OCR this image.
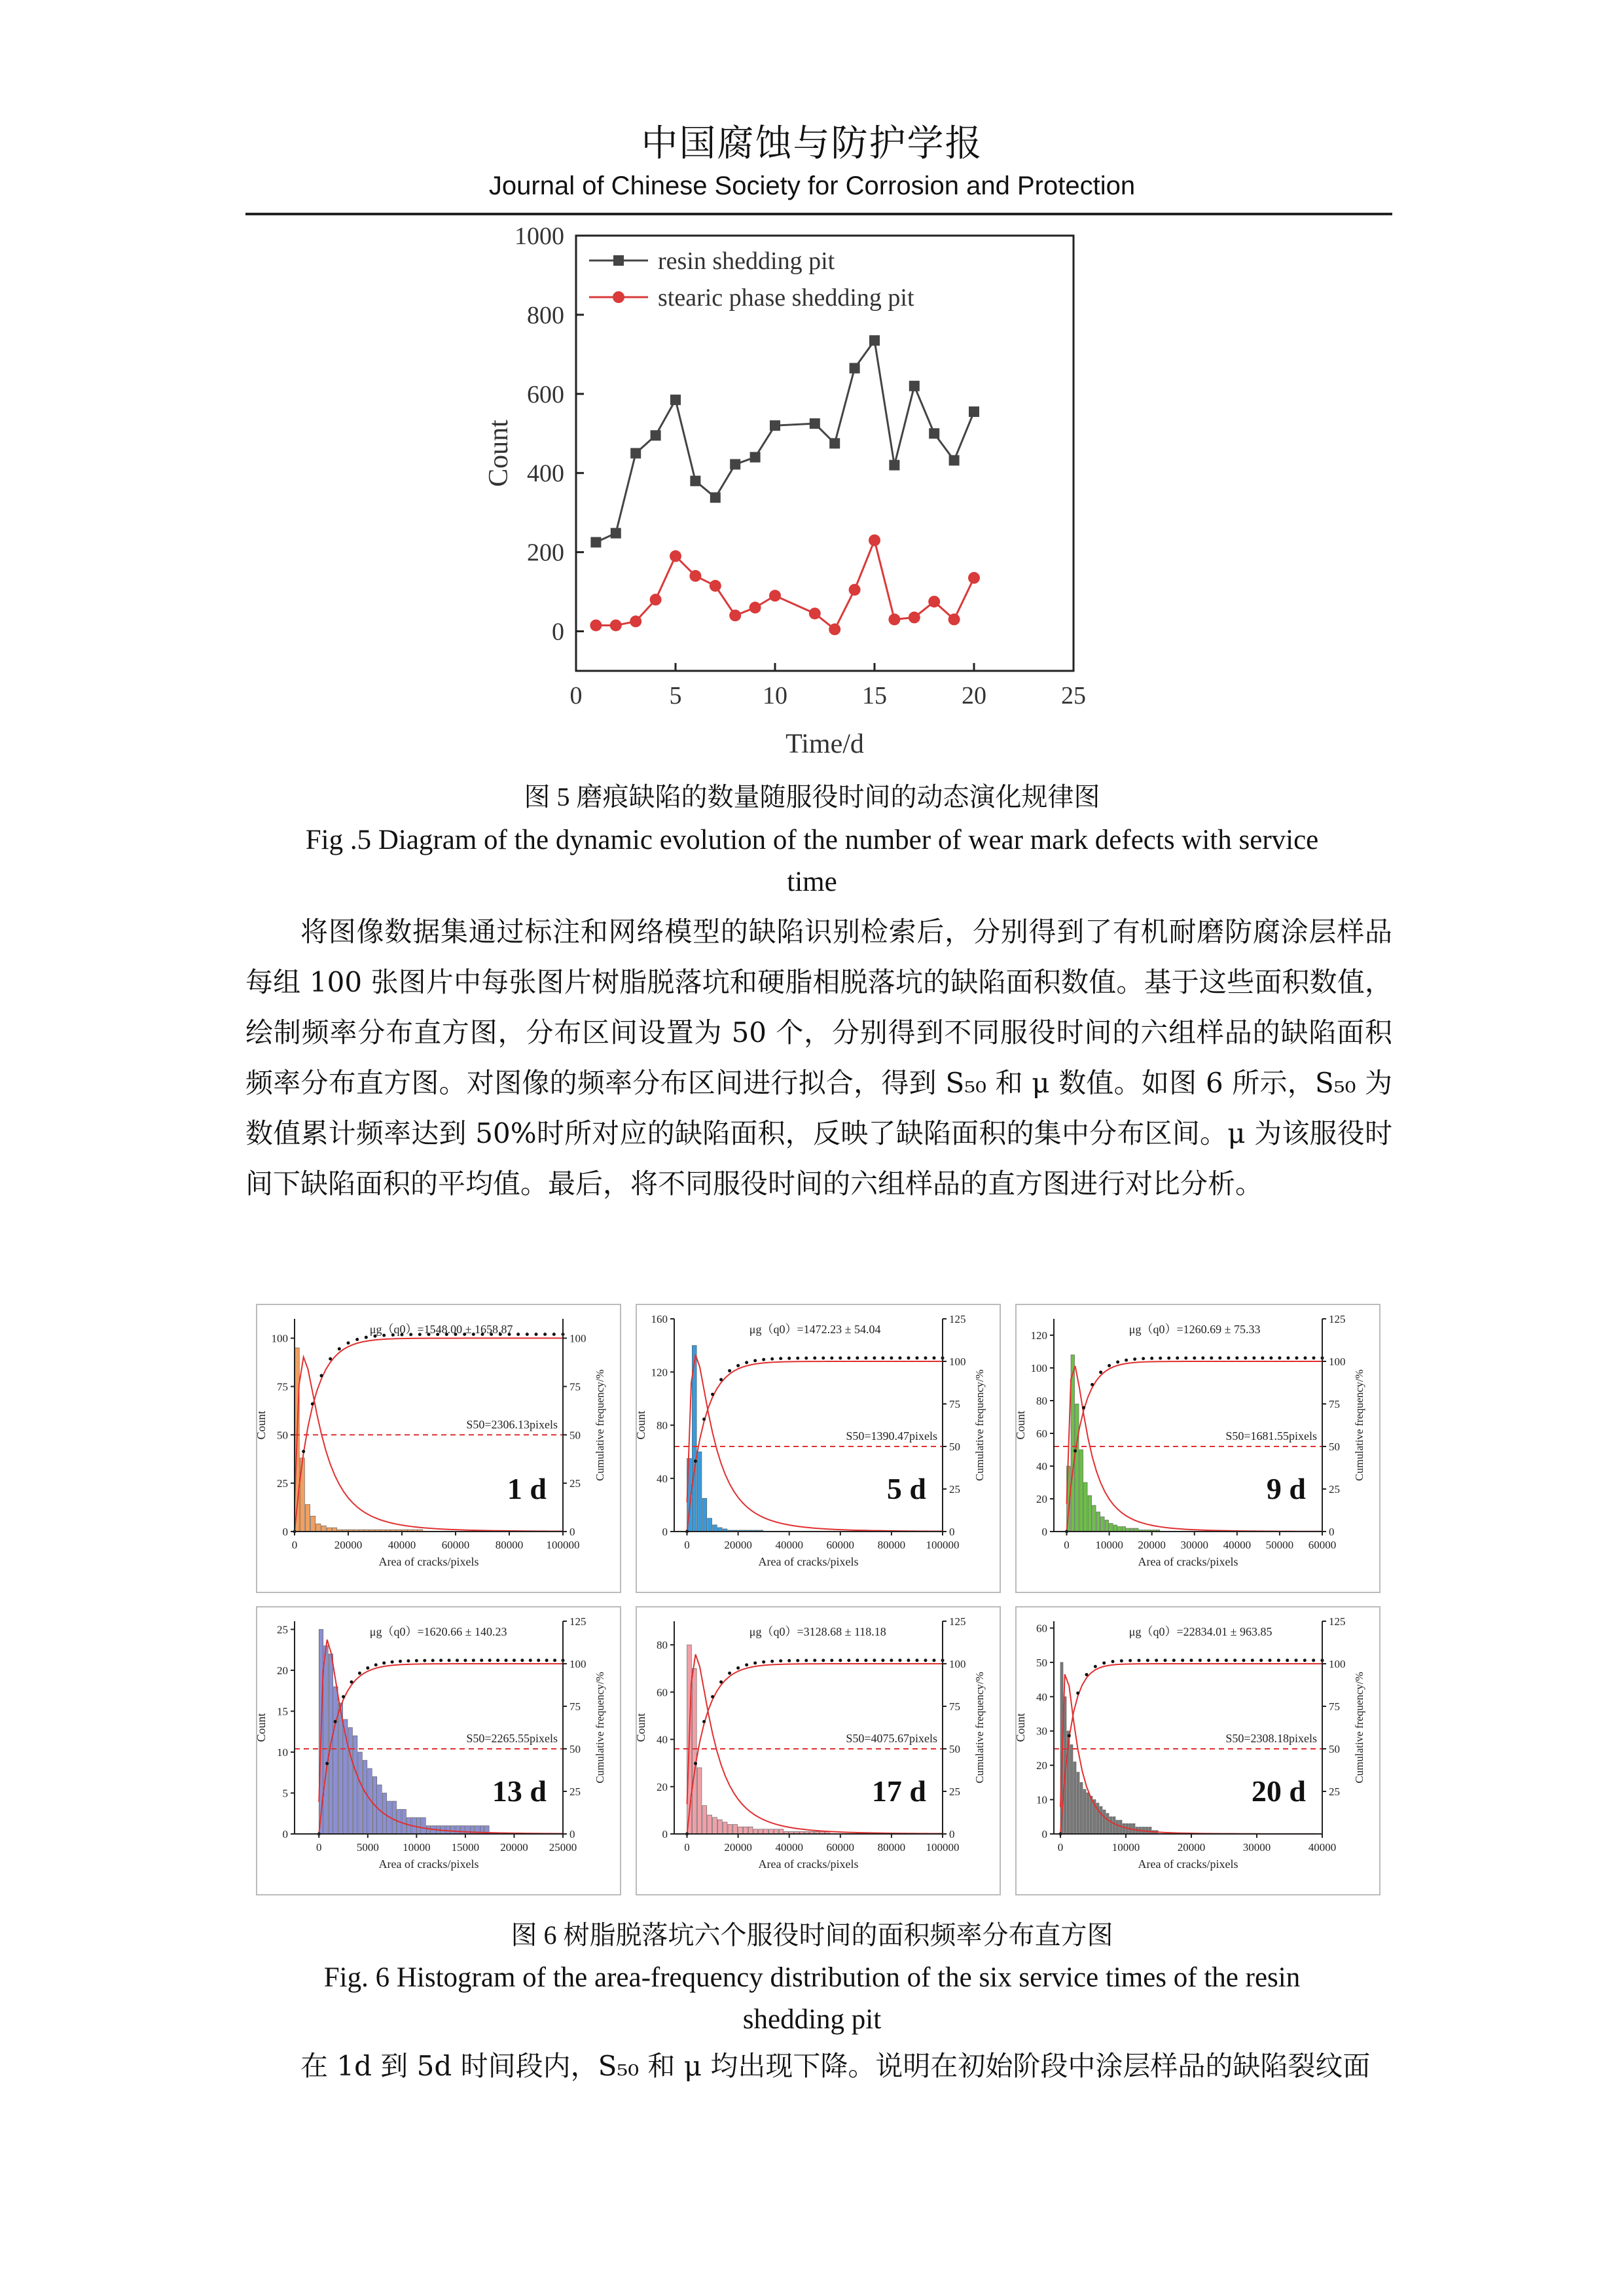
中国腐蚀与防护学报
Journal of Chinese Society for Corrosion and Protection
0	5	10	15	20	25
0
200
400
600
800
1000
Time/d
Count
resin shedding pit
stearic phase shedding pit
图 5 磨痕缺陷的数量随服役时间的动态演化规律图
Fig .5 Diagram of the dynamic evolution of the number of wear mark defects with service
time

将图像数据集通过标注和网络模型的缺陷识别检索后，分别得到了有机耐磨防腐涂层样品每组 100 张图片中每张图片树脂脱落坑和硬脂相脱落坑的缺陷面积数值。基于这些面积数值，绘制频率分布直方图，分布区间设置为 50 个，分别得到不同服役时间的六组样品的缺陷面积频率分布直方图。对图像的频率分布区间进行拟合，得到 S₅₀ 和 μ 数值。如图 6 所示，S₅₀ 为数值累计频率达到 50%时所对应的缺陷面积，反映了缺陷面积的集中分布区间。μ 为该服役时间下缺陷面积的平均值。最后，将不同服役时间的六组样品的直方图进行对比分析。

0	20000 40000 60000 80000 100000
0
25
50
75
100
0
25
50
75
100
Area of cracks/pixels
Count	Cumulative frequency/%
μg（q0）=1548.00 ± 1658.87
S50=2306.13pixels
1 d
0	20000 40000 60000 80000 100000
0
40
80
120
160
0
25
50
75
100
125
Area of cracks/pixels
Count	Cumulative frequency/%
μg（q0）=1472.23 ± 54.04
S50=1390.47pixels
5 d
0 10000 20000 30000 40000 50000 60000
0
20
40
60
80
100
120
0
25
50
75
100
125
Area of cracks/pixels
Count	Cumulative frequency/%
μg（q0）=1260.69 ± 75.33
S50=1681.55pixels
9 d
0	5000 10000 15000 20000 25000
0
5
10
15
20
25
0
25
50
75
100
125
Area of cracks/pixels
Count	Cumulative frequency/%
μg（q0）=1620.66 ± 140.23
S50=2265.55pixels
13 d
0	20000 40000 60000 80000 100000
0
20
40
60
80
0
25
50
75
100
125
Area of cracks/pixels
Count	Cumulative frequency/%
μg（q0）=3128.68 ± 118.18
S50=4075.67pixels
17 d
0	10000	20000	30000	40000
0
10
20
30
40
50
60
25
50
75
100
125
Area of cracks/pixels
Count	Cumulative frequency/%
μg（q0）=22834.01 ± 963.85
S50=2308.18pixels
20 d
图 6 树脂脱落坑六个服役时间的面积频率分布直方图
Fig. 6 Histogram of the area-frequency distribution of the six service times of the resin
shedding pit

在 1d 到 5d 时间段内，S₅₀ 和 μ 均出现下降。说明在初始阶段中涂层样品的缺陷裂纹面
